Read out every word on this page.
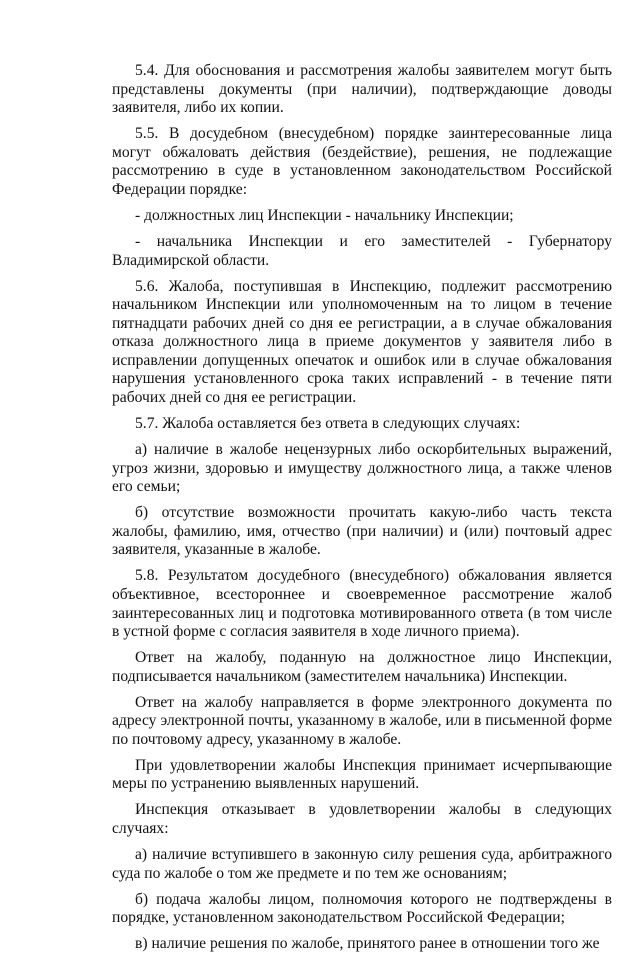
5.4. Для обоснования и рассмотрения жалобы заявителем могут быть представлены документы (при наличии), подтверждающие доводы заявителя, либо их копии.

5.5. В досудебном (внесудебном) порядке заинтересованные лица могут обжаловать действия (бездействие), решения, не подлежащие рассмотрению в суде в установленном законодательством Российской Федерации порядке:

- должностных лиц Инспекции - начальнику Инспекции;

- начальника Инспекции и его заместителей - Губернатору Владимирской области.

5.6. Жалоба, поступившая в Инспекцию, подлежит рассмотрению начальником Инспекции или уполномоченным на то лицом в течение пятнадцати рабочих дней со дня ее регистрации, а в случае обжалования отказа должностного лица в приеме документов у заявителя либо в исправлении допущенных опечаток и ошибок или в случае обжалования нарушения установленного срока таких исправлений - в течение пяти рабочих дней со дня ее регистрации.

5.7. Жалоба оставляется без ответа в следующих случаях:

а) наличие в жалобе нецензурных либо оскорбительных выражений, угроз жизни, здоровью и имуществу должностного лица, а также членов его семьи;

б) отсутствие возможности прочитать какую-либо часть текста жалобы, фамилию, имя, отчество (при наличии) и (или) почтовый адрес заявителя, указанные в жалобе.

5.8. Результатом досудебного (внесудебного) обжалования является объективное, всестороннее и своевременное рассмотрение жалоб заинтересованных лиц и подготовка мотивированного ответа (в том числе в устной форме с согласия заявителя в ходе личного приема).

Ответ на жалобу, поданную на должностное лицо Инспекции, подписывается начальником (заместителем начальника) Инспекции.

Ответ на жалобу направляется в форме электронного документа по адресу электронной почты, указанному в жалобе, или в письменной форме по почтовому адресу, указанному в жалобе.

При удовлетворении жалобы Инспекция принимает исчерпывающие меры по устранению выявленных нарушений.

Инспекция отказывает в удовлетворении жалобы в следующих случаях:

а) наличие вступившего в законную силу решения суда, арбитражного суда по жалобе о том же предмете и по тем же основаниям;

б) подача жалобы лицом, полномочия которого не подтверждены в порядке, установленном законодательством Российской Федерации;

в) наличие решения по жалобе, принятого ранее в отношении того же
